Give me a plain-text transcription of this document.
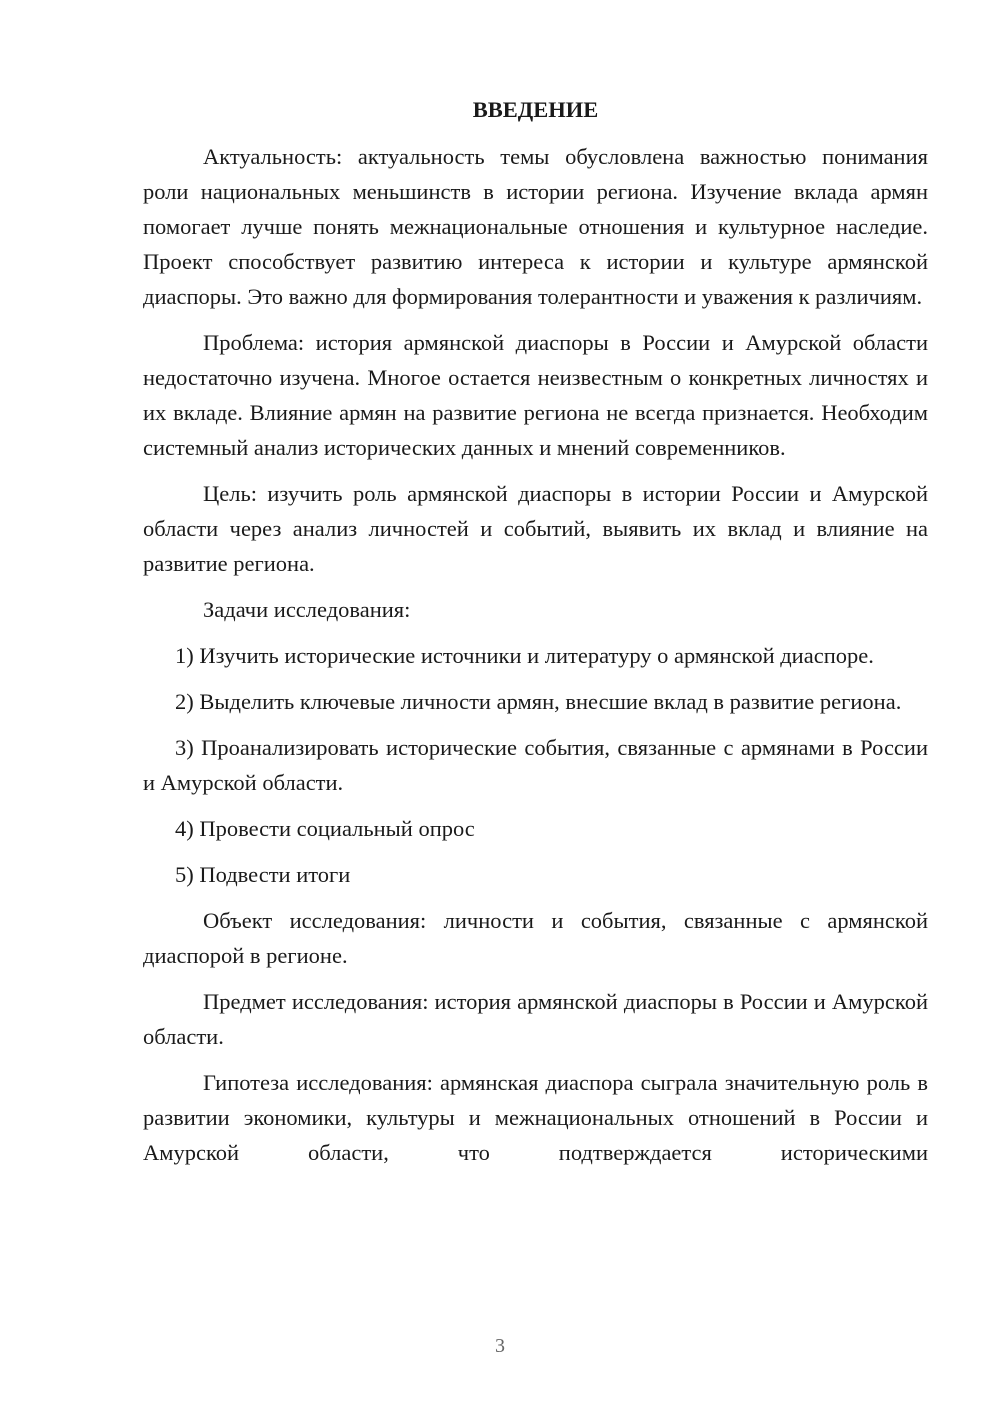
ВВЕДЕНИЕ

Актуальность: актуальность темы обусловлена важностью понимания роли национальных меньшинств в истории региона. Изучение вклада армян помогает лучше понять межнациональные отношения и культурное наследие. Проект способствует развитию интереса к истории и культуре армянской диаспоры. Это важно для формирования толерантности и уважения к различиям.

Проблема: история армянской диаспоры в России и Амурской области недостаточно изучена. Многое остается неизвестным о конкретных личностях и их вкладе. Влияние армян на развитие региона не всегда признается. Необходим системный анализ исторических данных и мнений современников.

Цель: изучить роль армянской диаспоры в истории России и Амурской области через анализ личностей и событий, выявить их вклад и влияние на развитие региона.

Задачи исследования:

1) Изучить исторические источники и литературу о армянской диаспоре.

2) Выделить ключевые личности армян, внесшие вклад в развитие региона.

3) Проанализировать исторические события, связанные с армянами в России и Амурской области.

4) Провести социальный опрос

5) Подвести итоги

Объект исследования: личности и события, связанные с армянской диаспорой в регионе.

Предмет исследования: история армянской диаспоры в России и Амурской области.

Гипотеза исследования: армянская диаспора сыграла значительную роль в развитии экономики, культуры и межнациональных отношений в России и Амурской области, что подтверждается историческими

3
